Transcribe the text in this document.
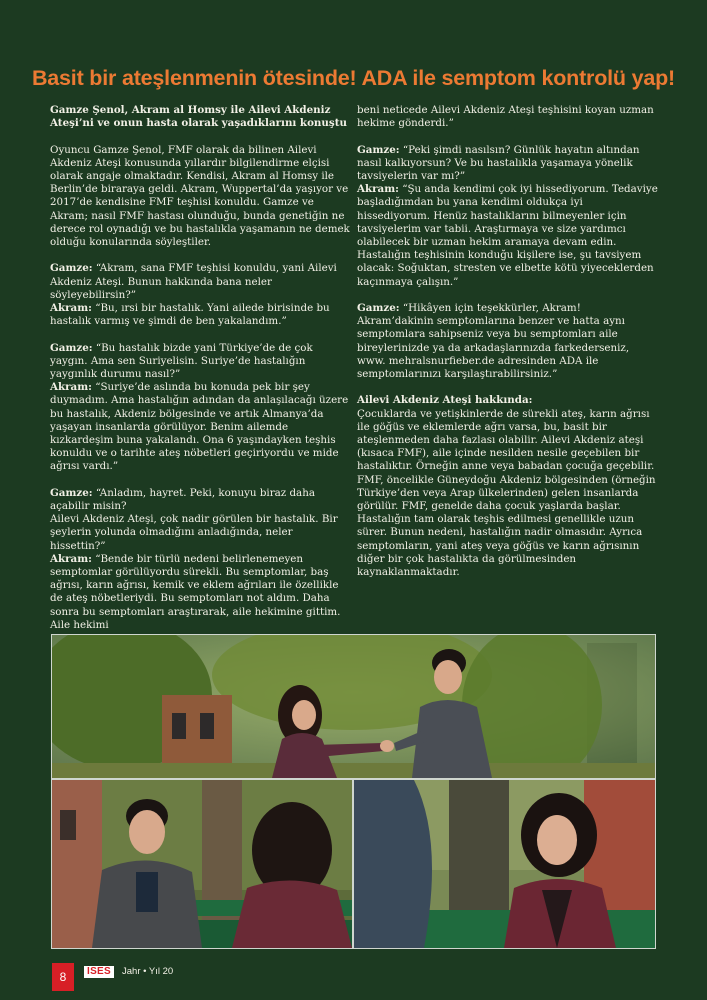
Basit bir ateşlenmenin ötesinde! ADA ile semptom kontrolü yap!

Gamze Şenol, Akram al Homsy ile Ailevi Akdeniz Ateşi’ni ve onun hasta olarak yaşadıklarını konuştu

Oyuncu Gamze Şenol, FMF olarak da bilinen Ailevi Akdeniz Ateşi konusunda yıllardır bilgilendirme elçisi olarak angaje olmaktadır. Kendisi, Akram al Homsy ile Berlin’de biraraya geldi. Akram, Wuppertal’da yaşıyor ve 2017’de kendisine FMF teşhisi konuldu. Gamze ve Akram; nasıl FMF hastası olunduğu, bunda genetiğin ne derece rol oynadığı ve bu hastalıkla yaşamanın ne demek olduğu konularında söyleştiler.

Gamze: “Akram, sana FMF teşhisi konuldu, yani Ailevi Akdeniz Ateşi. Bunun hakkında bana neler söyleyebilirsin?”
Akram: “Bu, ırsi bir hastalık. Yani ailede birisinde bu hastalık varmış ve şimdi de ben yakalandım.”

Gamze: “Bu hastalık bizde yani Türkiye’de de çok yaygın. Ama sen Suriyelisin. Suriye’de hastalığın yaygınlık durumu nasıl?”
Akram: “Suriye’de aslında bu konuda pek bir şey duymadım. Ama hastalığın adından da anlaşılacağı üzere bu hastalık, Akdeniz bölgesinde ve artık Almanya’da yaşayan insanlarda görülüyor. Benim ailemde kızkardeşim buna yakalandı. Ona 6 yaşındayken teşhis konuldu ve o tarihte ateş nöbetleri geçiriyordu ve mide ağrısı vardı.”

Gamze: “Anladım, hayret. Peki, konuyu biraz daha açabilir misin?
Ailevi Akdeniz Ateşi, çok nadir görülen bir hastalık. Bir şeylerin yolunda olmadığını anladığında, neler hissettin?”
Akram: “Bende bir türlü nedeni belirlenemeyen semptomlar görülüyordu sürekli. Bu semptomlar, baş ağrısı, karın ağrısı, kemik ve eklem ağrıları ile özellikle de ateş nöbetleriydi. Bu semptomları not aldım. Daha sonra bu semptomları araştırarak, aile hekimine gittim. Aile hekimi

beni neticede Ailevi Akdeniz Ateşi teşhisini koyan uzman hekime gönderdi.”

Gamze: “Peki şimdi nasılsın? Günlük hayatın altından nasıl kalkıyorsun? Ve bu hastalıkla yaşamaya yönelik tavsiyelerin var mı?”
Akram: “Şu anda kendimi çok iyi hissediyorum. Tedaviye başladığımdan bu yana kendimi oldukça iyi hissediyorum. Henüz hastalıklarını bilmeyenler için tavsiyelerim var tabii. Araştırmaya ve size yardımcı olabilecek bir uzman hekim aramaya devam edin. Hastalığın teşhisinin konduğu kişilere ise, şu tavsiyem olacak: Soğuktan, stresten ve elbette kötü yiyeceklerden kaçınmaya çalışın.”

Gamze: “Hikâyen için teşekkürler, Akram! Akram’dakinin semptomlarına benzer ve hatta aynı semptomlara sahipseniz veya bu semptomları aile bireylerinizde ya da arkadaşlarınızda farkederseniz, www. mehralsnurfieber.de adresinden ADA ile semptomlarınızı karşılaştırabilirsiniz.”

Ailevi Akdeniz Ateşi hakkında:
Çocuklarda ve yetişkinlerde de sürekli ateş, karın ağrısı ile göğüs ve eklemlerde ağrı varsa, bu, basit bir ateşlenmeden daha fazlası olabilir. Ailevi Akdeniz ateşi (kısaca FMF), aile içinde nesilden nesile geçebilen bir hastalıktır. Örneğin anne veya babadan çocuğa geçebilir. FMF, öncelikle Güneydoğu Akdeniz bölgesinden (örneğin Türkiye’den veya Arap ülkelerinden) gelen insanlarda görülür. FMF, genelde daha çocuk yaşlarda başlar. Hastalığın tam olarak teşhis edilmesi genellikle uzun sürer. Bunun nedeni, hastalığın nadir olmasıdır. Ayrıca semptomların, yani ateş veya göğüs ve karın ağrısının diğer bir çok hastalıkta da görülmesinden kaynaklanmaktadır.

8	ISES	Jahr • Yıl 20
